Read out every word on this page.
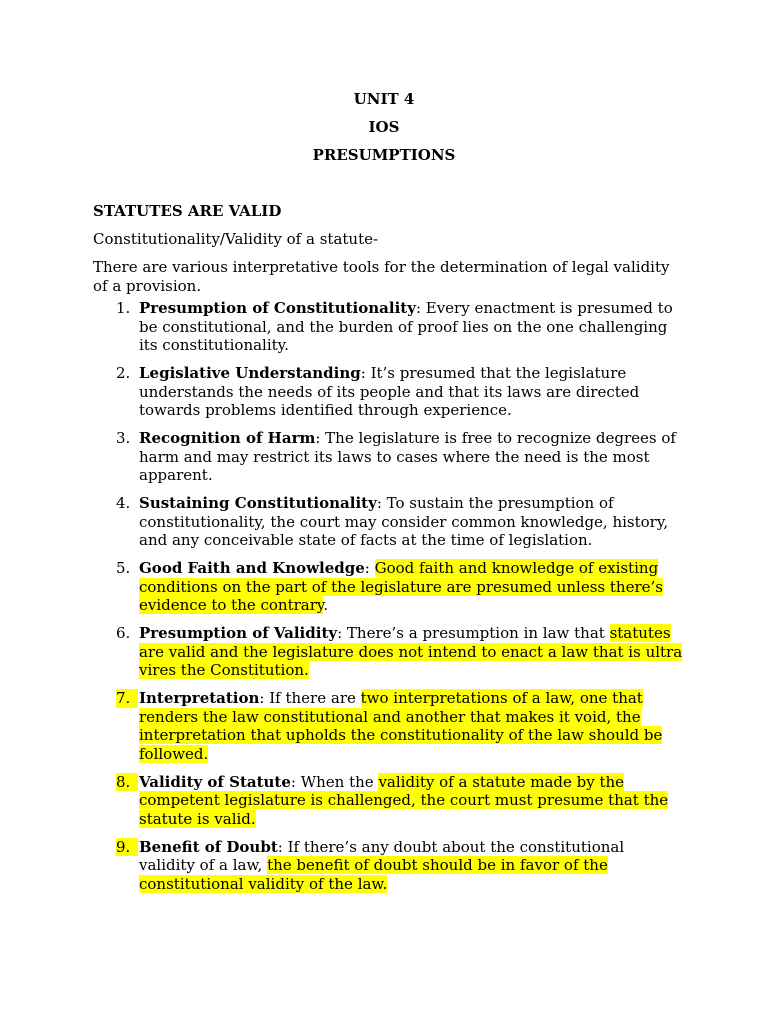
UNIT 4
IOS
PRESUMPTIONS
STATUTES ARE VALID
Constitutionality/Validity of a statute-
There are various interpretative tools for the determination of legal validity of a provision.
1. Presumption of Constitutionality: Every enactment is presumed to be constitutional, and the burden of proof lies on the one challenging its constitutionality.
2. Legislative Understanding: It’s presumed that the legislature understands the needs of its people and that its laws are directed towards problems identified through experience.
3. Recognition of Harm: The legislature is free to recognize degrees of harm and may restrict its laws to cases where the need is the most apparent.
4. Sustaining Constitutionality: To sustain the presumption of constitutionality, the court may consider common knowledge, history, and any conceivable state of facts at the time of legislation.
5. Good Faith and Knowledge: Good faith and knowledge of existing conditions on the part of the legislature are presumed unless there’s evidence to the contrary.
6. Presumption of Validity: There’s a presumption in law that statutes are valid and the legislature does not intend to enact a law that is ultra vires the Constitution.
7. Interpretation: If there are two interpretations of a law, one that renders the law constitutional and another that makes it void, the interpretation that upholds the constitutionality of the law should be followed.
8. Validity of Statute: When the validity of a statute made by the competent legislature is challenged, the court must presume that the statute is valid.
9. Benefit of Doubt: If there’s any doubt about the constitutional validity of a law, the benefit of doubt should be in favor of the constitutional validity of the law.
